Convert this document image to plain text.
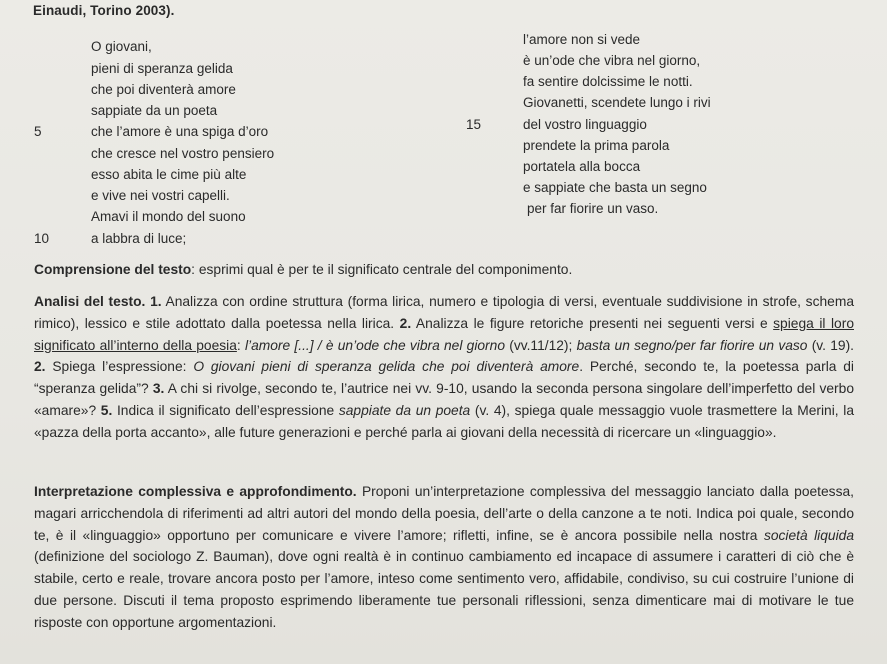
Einaudi, Torino 2003).
O giovani,
pieni di speranza gelida
che poi diventerà amore
sappiate da un poeta
5	che l’amore è una spiga d’oro
che cresce nel vostro pensiero
esso abita le cime più alte
e vive nei vostri capelli.
Amavi il mondo del suono
10	a labbra di luce;
l’amore non si vede
è un’ode che vibra nel giorno,
fa sentire dolcissime le notti.
Giovanetti, scendete lungo i rivi
15	del vostro linguaggio
prendete la prima parola
portatela alla bocca
e sappiate che basta un segno
per far fiorire un vaso.
Comprensione del testo: esprimi qual è per te il significato centrale del componimento.
Analisi del testo. 1. Analizza con ordine struttura (forma lirica, numero e tipologia di versi, eventuale suddivisione in strofe, schema rimico), lessico e stile adottato dalla poetessa nella lirica. 2. Analizza le figure retoriche presenti nei seguenti versi e spiega il loro significato all’interno della poesia: l’amore [...] / è un’ode che vibra nel giorno (vv.11/12); basta un segno/per far fiorire un vaso (v. 19). 2. Spiega l’espressione: O giovani pieni di speranza gelida che poi diventerà amore. Perché, secondo te, la poetessa parla di “speranza gelida”? 3. A chi si rivolge, secondo te, l’autrice nei vv. 9-10, usando la seconda persona singolare dell’imperfetto del verbo «amare»? 5. Indica il significato dell’espressione sappiate da un poeta (v. 4), spiega quale messaggio vuole trasmettere la Merini, la «pazza della porta accanto», alle future generazioni e perché parla ai giovani della necessità di ricercare un «linguaggio».
Interpretazione complessiva e approfondimento. Proponi un’interpretazione complessiva del messaggio lanciato dalla poetessa, magari arricchendola di riferimenti ad altri autori del mondo della poesia, dell’arte o della canzone a te noti. Indica poi quale, secondo te, è il «linguaggio» opportuno per comunicare e vivere l’amore; rifletti, infine, se è ancora possibile nella nostra società liquida (definizione del sociologo Z. Bauman), dove ogni realtà è in continuo cambiamento ed incapace di assumere i caratteri di ciò che è stabile, certo e reale, trovare ancora posto per l’amore, inteso come sentimento vero, affidabile, condiviso, su cui costruire l’unione di due persone. Discuti il tema proposto esprimendo liberamente tue personali riflessioni, senza dimenticare mai di motivare le tue risposte con opportune argomentazioni.
